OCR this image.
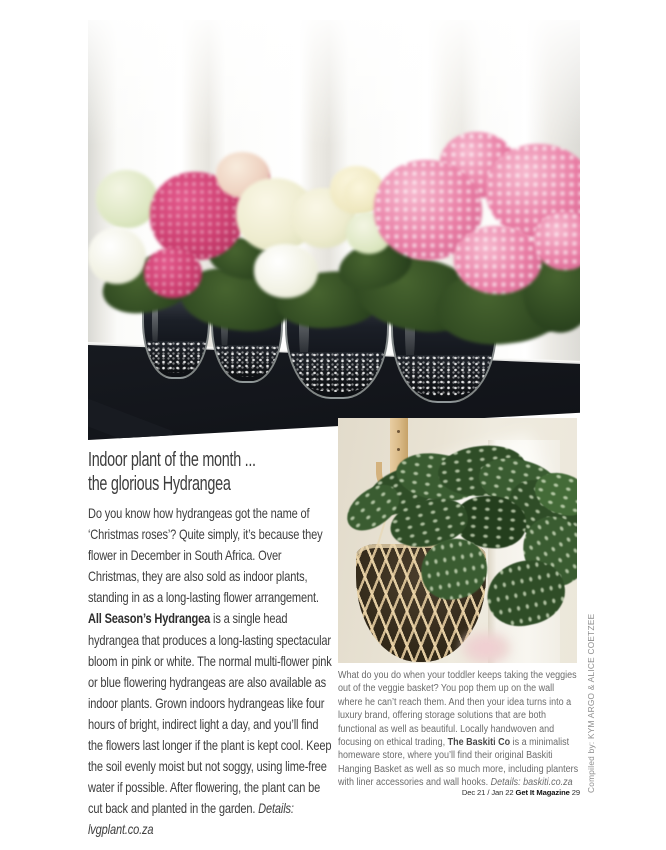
Indoor plant of the month ...
the glorious Hydrangea
Do you know how hydrangeas got the name of ‘Christmas roses’? Quite simply, it’s because they flower in December in South Africa. Over Christmas, they are also sold as indoor plants, standing in as a long-lasting flower arrangement. All Season’s Hydrangea is a single head hydrangea that produces a long-lasting spectacular bloom in pink or white. The normal multi-flower pink or blue flowering hydrangeas are also available as indoor plants. Grown indoors hydrangeas like four hours of bright, indirect light a day, and you’ll find the flowers last longer if the plant is kept cool. Keep the soil evenly moist but not soggy, using lime-free water if possible. After flowering, the plant can be cut back and planted in the garden. Details: lvgplant.co.za
What do you do when your toddler keeps taking the veggies out of the veggie basket? You pop them up on the wall where he can’t reach them. And then your idea turns into a luxury brand, offering storage solutions that are both functional as well as beautiful. Locally handwoven and focusing on ethical trading, The Baskiti Co is a minimalist homeware store, where you’ll find their original Baskiti Hanging Basket as well as so much more, including planters with liner accessories and wall hooks. Details: baskiti.co.za	Compiled by: KYM ARGO & ALICE COETZEE
Dec 21 / Jan 22 Get It Magazine 29
